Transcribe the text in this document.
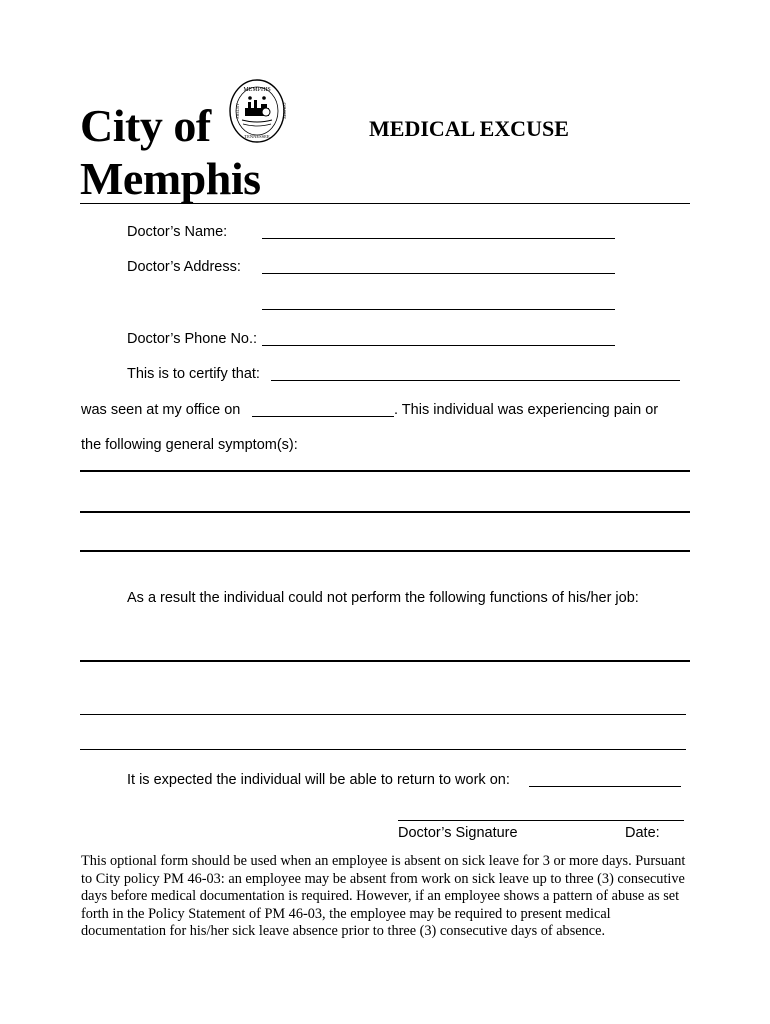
City of
Memphis
MEMPHIS
TENNESSEE
SHELBY	COUNTY
MEDICAL EXCUSE
Doctor’s Name:
Doctor’s Address:
Doctor’s Phone No.:
This is to certify that:
was seen at my office on	. This individual was experiencing pain or
the following general symptom(s):
As a result the individual could not perform the following functions of his/her job:
It is expected the individual will be able to return to work on:
Doctor’s Signature	Date:
This optional form should be used when an employee is absent on sick leave for 3 or more days. Pursuant to City policy PM 46-03: an employee may be absent from work on sick leave up to three (3) consecutive days before medical documentation is required. However, if an employee shows a pattern of abuse as set forth in the Policy Statement of PM 46-03, the employee may be required to present medical documentation for his/her sick leave absence prior to three (3) consecutive days of absence.
